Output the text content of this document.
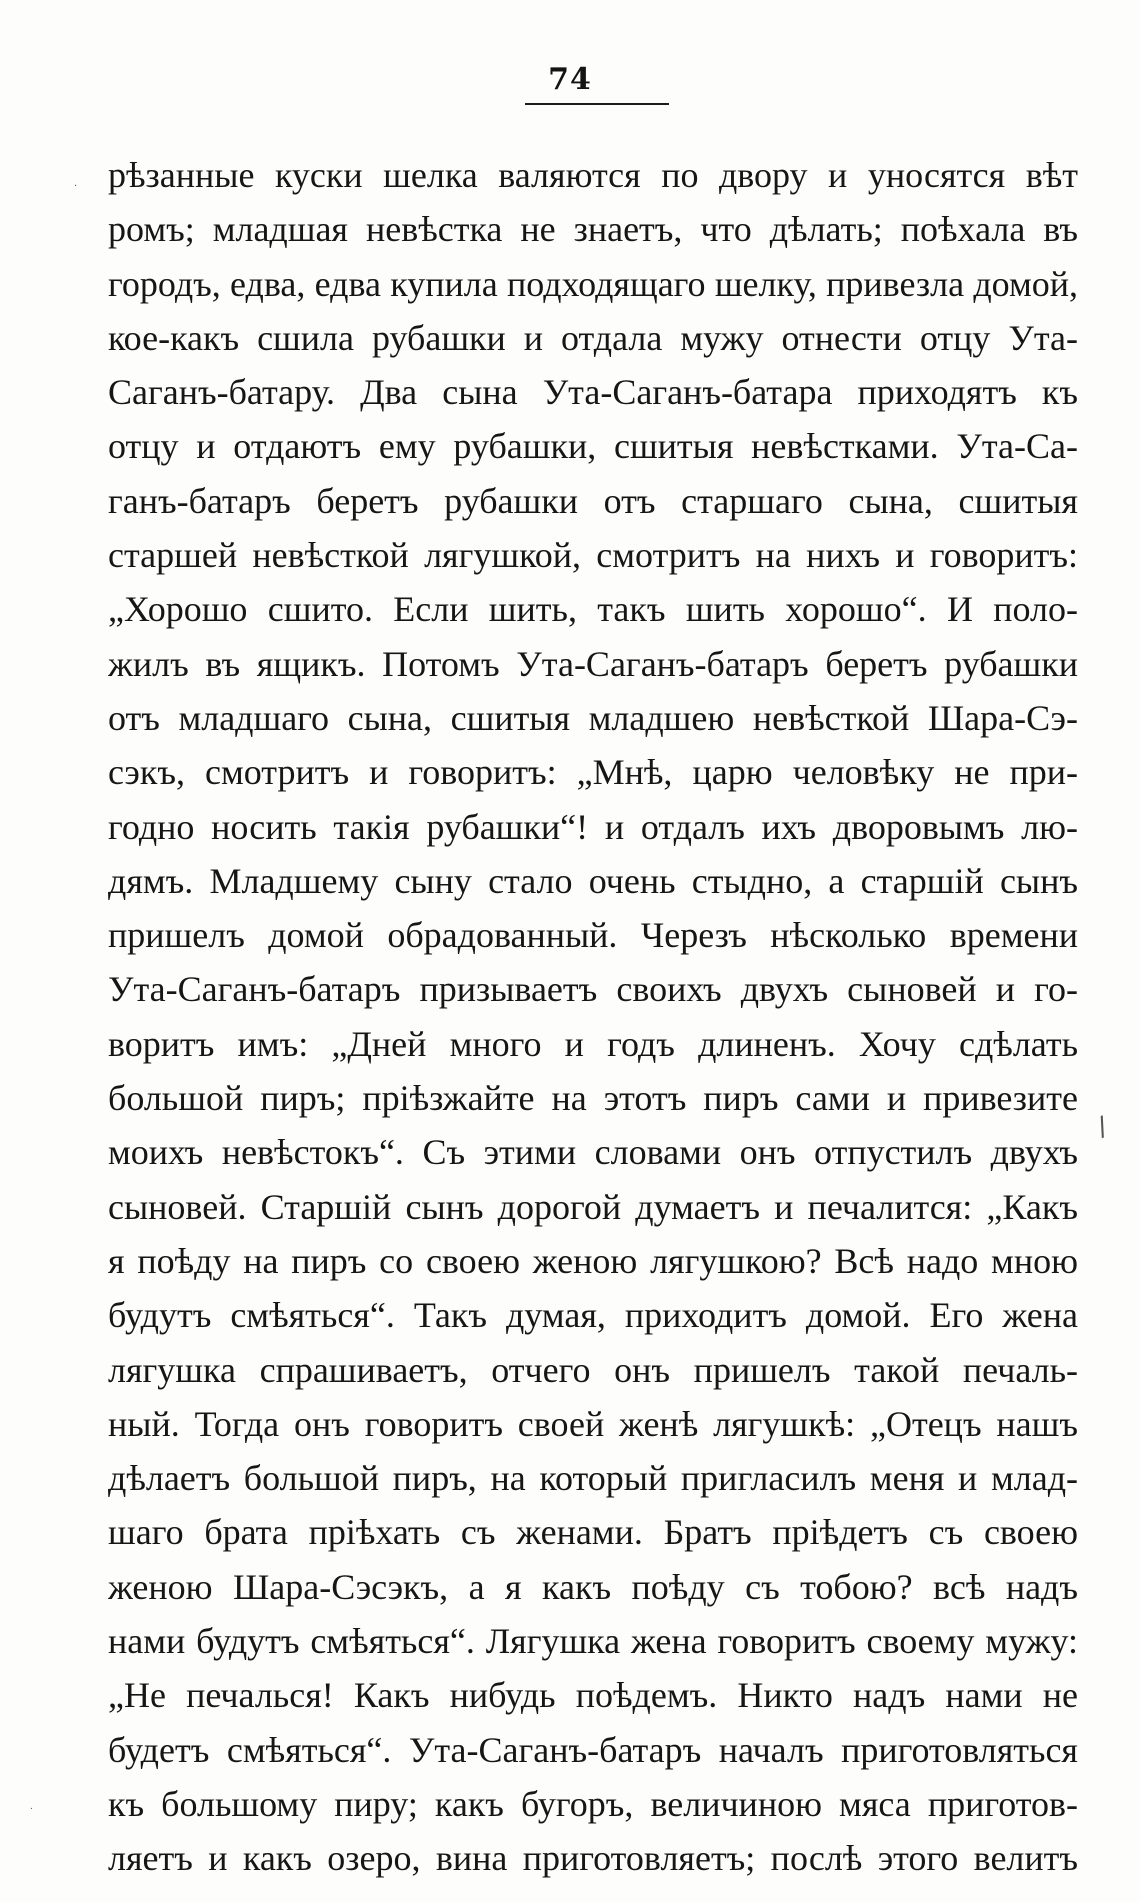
74
рѣзанные куски шелка валяются по двору и уносятся вѣт
ромъ; младшая невѣстка не знаетъ, что дѣлать; поѣхала въ
городъ, едва, едва купила подходящаго шелку, привезла домой,
кое-какъ сшила рубашки и отдала мужу отнести отцу Ута-
Саганъ-батару. Два сына Ута-Саганъ-батара приходятъ къ
отцу и отдаютъ ему рубашки, сшитыя невѣстками. Ута-Са-
ганъ-батаръ беретъ рубашки отъ старшаго сына, сшитыя
старшей невѣсткой лягушкой, смотритъ на нихъ и говоритъ:
„Хорошо сшито. Если шить, такъ шить хорошо“. И поло-
жилъ въ ящикъ. Потомъ Ута-Саганъ-батаръ беретъ рубашки
отъ младшаго сына, сшитыя младшею невѣсткой Шара-Сэ-
сэкъ, смотритъ и говоритъ: „Мнѣ, царю человѣку не при-
годно носить такія рубашки“! и отдалъ ихъ дворовымъ лю-
дямъ. Младшему сыну стало очень стыдно, а старшій сынъ
пришелъ домой обрадованный. Черезъ нѣсколько времени
Ута-Саганъ-батаръ призываетъ своихъ двухъ сыновей и го-
воритъ имъ: „Дней много и годъ длиненъ. Хочу сдѣлать
большой пиръ; пріѣзжайте на этотъ пиръ сами и привезите
моихъ невѣстокъ“. Съ этими словами онъ отпустилъ двухъ
сыновей. Старшій сынъ дорогой думаетъ и печалится: „Какъ
я поѣду на пиръ со своею женою лягушкою? Всѣ надо мною
будутъ смѣяться“. Такъ думая, приходитъ домой. Его жена
лягушка спрашиваетъ, отчего онъ пришелъ такой печаль-
ный. Тогда онъ говоритъ своей женѣ лягушкѣ: „Отецъ нашъ
дѣлаетъ большой пиръ, на который пригласилъ меня и млад-
шаго брата пріѣхать съ женами. Братъ пріѣдетъ съ своею
женою Шара-Сэсэкъ, а я какъ поѣду съ тобою? всѣ надъ
нами будутъ смѣяться“. Лягушка жена говоритъ своему мужу:
„Не печалься! Какъ нибудь поѣдемъ. Никто надъ нами не
будетъ смѣяться“. Ута-Саганъ-батаръ началъ приготовляться
къ большому пиру; какъ бугоръ, величиною мяса приготов-
ляетъ и какъ озеро, вина приготовляетъ; послѣ этого велитъ
.
/
.
